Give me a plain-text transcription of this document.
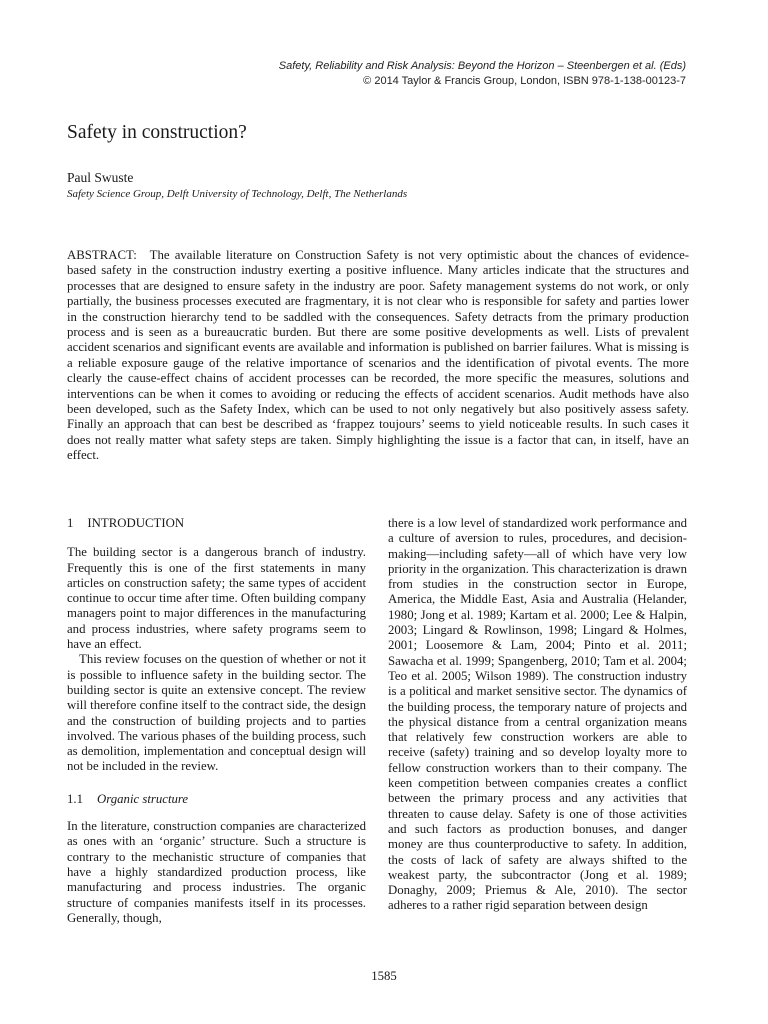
Safety, Reliability and Risk Analysis: Beyond the Horizon – Steenbergen et al. (Eds)
© 2014 Taylor & Francis Group, London, ISBN 978-1-138-00123-7
Safety in construction?
Paul Swuste
Safety Science Group, Delft University of Technology, Delft, The Netherlands

ABSTRACT: The available literature on Construction Safety is not very optimistic about the chances of evidence-based safety in the construction industry exerting a positive influence. Many articles indicate that the structures and processes that are designed to ensure safety in the industry are poor. Safety management systems do not work, or only partially, the business processes executed are fragmentary, it is not clear who is responsible for safety and parties lower in the construction hierarchy tend to be saddled with the consequences. Safety detracts from the primary production process and is seen as a bureaucratic burden. But there are some positive developments as well. Lists of prevalent accident scenarios and significant events are available and information is published on barrier failures. What is missing is a reliable exposure gauge of the relative importance of scenarios and the identification of pivotal events. The more clearly the cause-effect chains of accident processes can be recorded, the more specific the measures, solutions and interventions can be when it comes to avoiding or reducing the effects of accident scenarios. Audit methods have also been developed, such as the Safety Index, which can be used to not only negatively but also positively assess safety. Finally an approach that can best be described as ‘frappez toujours’ seems to yield noticeable results. In such cases it does not really matter what safety steps are taken. Simply highlighting the issue is a factor that can, in itself, have an effect.

1 INTRODUCTION

The building sector is a dangerous branch of industry. Frequently this is one of the first statements in many articles on construction safety; the same types of accident continue to occur time after time. Often building company managers point to major differences in the manufacturing and process industries, where safety programs seem to have an effect.

This review focuses on the question of whether or not it is possible to influence safety in the building sector. The building sector is quite an extensive concept. The review will therefore confine itself to the contract side, the design and the construction of building projects and to parties involved. The various phases of the building process, such as demolition, implementation and conceptual design will not be included in the review.

1.1 Organic structure

In the literature, construction companies are characterized as ones with an ‘organic’ structure. Such a structure is contrary to the mechanistic structure of companies that have a highly standardized production process, like manufacturing and process industries. The organic structure of companies manifests itself in its processes. Generally, though,

there is a low level of standardized work performance and a culture of aversion to rules, procedures, and decision-making—including safety—all of which have very low priority in the organization. This characterization is drawn from studies in the construction sector in Europe, America, the Middle East, Asia and Australia (Helander, 1980; Jong et al. 1989; Kartam et al. 2000; Lee & Halpin, 2003; Lingard & Rowlinson, 1998; Lingard & Holmes, 2001; Loosemore & Lam, 2004; Pinto et al. 2011; Sawacha et al. 1999; Spangenberg, 2010; Tam et al. 2004; Teo et al. 2005; Wilson 1989). The construction industry is a political and market sensitive sector. The dynamics of the building process, the temporary nature of projects and the physical distance from a central organization means that relatively few construction workers are able to receive (safety) training and so develop loyalty more to fellow construction workers than to their company. The keen competition between companies creates a conflict between the primary process and any activities that threaten to cause delay. Safety is one of those activities and such factors as production bonuses, and danger money are thus counterproductive to safety. In addition, the costs of lack of safety are always shifted to the weakest party, the subcontractor (Jong et al. 1989; Donaghy, 2009; Priemus & Ale, 2010). The sector adheres to a rather rigid separation between design

1585
